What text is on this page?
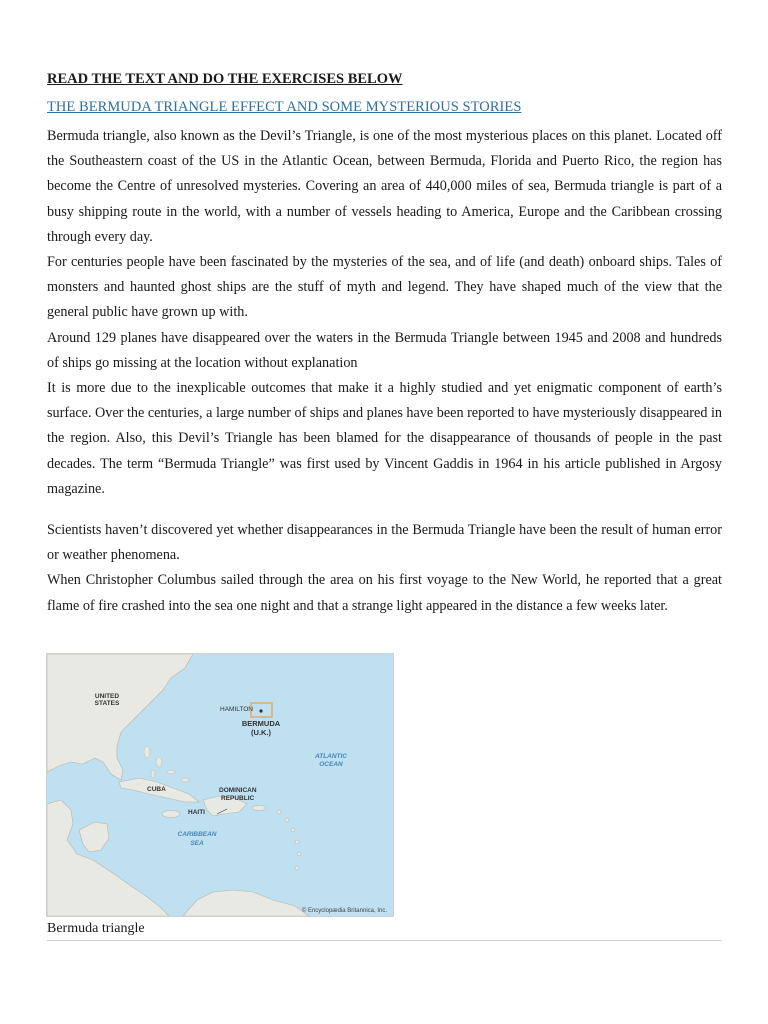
READ THE TEXT AND DO THE EXERCISES BELOW

THE BERMUDA TRIANGLE EFFECT AND SOME MYSTERIOUS STORIES

Bermuda triangle, also known as the Devil’s Triangle, is one of the most mysterious places on this planet. Located off the Southeastern coast of the US in the Atlantic Ocean, between Bermuda, Florida and Puerto Rico, the region has become the Centre of unresolved mysteries. Covering an area of 440,000 miles of sea, Bermuda triangle is part of a busy shipping route in the world, with a number of vessels heading to America, Europe and the Caribbean crossing through every day.

For centuries people have been fascinated by the mysteries of the sea, and of life (and death) onboard ships. Tales of monsters and haunted ghost ships are the stuff of myth and legend. They have shaped much of the view that the general public have grown up with.

Around 129 planes have disappeared over the waters in the Bermuda Triangle between 1945 and 2008 and hundreds of ships go missing at the location without explanation

It is more due to the inexplicable outcomes that make it a highly studied and yet enigmatic component of earth’s surface. Over the centuries, a large number of ships and planes have been reported to have mysteriously disappeared in the region. Also, this Devil’s Triangle has been blamed for the disappearance of thousands of people in the past decades. The term “Bermuda Triangle” was first used by Vincent Gaddis in 1964 in his article published in Argosy magazine.

Scientists haven’t discovered yet whether disappearances in the Bermuda Triangle have been the result of human error or weather phenomena.

When Christopher Columbus sailed through the area on his first voyage to the New World, he reported that a great flame of fire crashed into the sea one night and that a strange light appeared in the distance a few weeks later.

UNITED
STATES
HAMILTON
BERMUDA
(U.K.)
CUBA	DOMINICAN
REPUBLIC
HAITI
ATLANTIC
OCEAN
CARIBBEAN
SEA
© Encyclopædia Britannica, Inc.
Bermuda triangle
